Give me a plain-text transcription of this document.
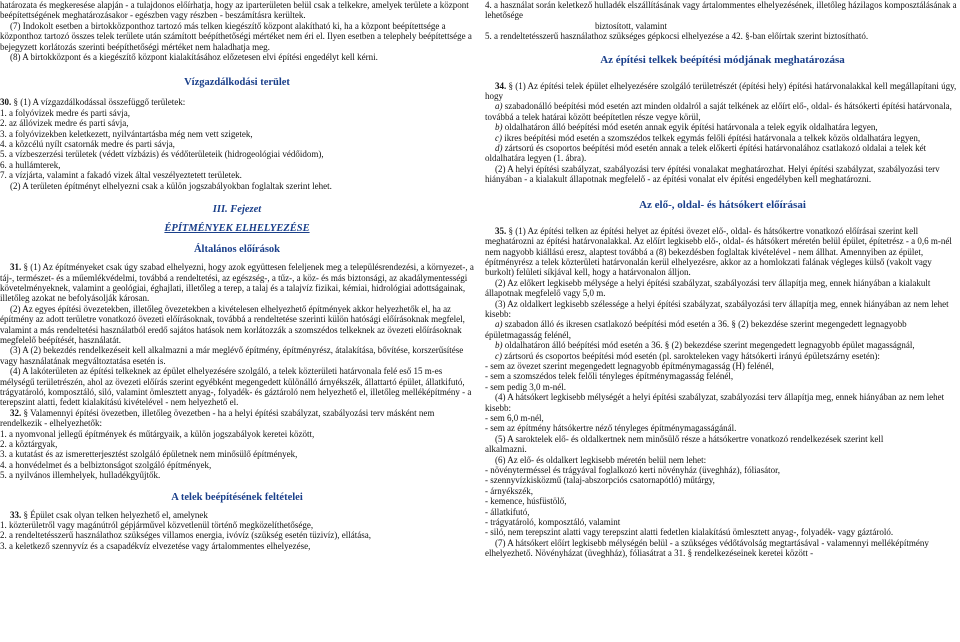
határozata és megkeresése alapján - a tulajdonos előírhatja, hogy az iparterületen belül csak a telkekre, amelyek területe a központ beépítettségének meghatározásakor - egészben vagy részben - beszámításra kerültek.

(7) Indokolt esetben a birtokközponthoz tartozó más telken kiegészítő központ alakítható ki, ha a központ beépítettsége a központhoz tartozó összes telek területe után számított beépíthetőségi mértéket nem éri el. Ilyen esetben a telephely beépítettsége a bejegyzett korlátozás szerinti beépíthetőségi mértéket nem haladhatja meg.

(8) A birtokközpont és a kiegészítő központ kialakításához előzetesen elvi építési engedélyt kell kérni.

Vízgazdálkodási terület

30. § (1) A vízgazdálkodással összefüggő területek:

1. a folyóvizek medre és parti sávja,

2. az állóvizek medre és parti sávja,

3. a folyóvizekben keletkezett, nyilvántartásba még nem vett szigetek,

4. a közcélú nyílt csatornák medre és parti sávja,

5. a vízbeszerzési területek (védett vízbázis) és védőterületeik (hidrogeológiai védőidom),

6. a hullámterek,

7. a vízjárta, valamint a fakadó vizek által veszélyeztetett területek.

(2) A területen építményt elhelyezni csak a külön jogszabályokban foglaltak szerint lehet.

III. Fejezet
ÉPÍTMÉNYEK ELHELYEZÉSE
Általános előírások

31. § (1) Az építményeket csak úgy szabad elhelyezni, hogy azok együttesen feleljenek meg a településrendezési, a környezet-, a táj-, természet- és a műemlékvédelmi, továbbá a rendeltetési, az egészség-, a tűz-, a köz- és más biztonsági, az akadálymentességi követelményeknek, valamint a geológiai, éghajlati, illetőleg a terep, a talaj és a talajvíz fizikai, kémiai, hidrológiai adottságainak, illetőleg azokat ne befolyásolják károsan.

(2) Az egyes építési övezetekben, illetőleg övezetekben a kivételesen elhelyezhető építmények akkor helyezhetők el, ha az építmény az adott területre vonatkozó övezeti előírásoknak, továbbá a rendeltetése szerinti külön hatósági előírásoknak megfelel, valamint a más rendeltetési használatból eredő sajátos hatások nem korlátozzák a szomszédos telkeknek az övezeti előírásoknak megfelelő beépítését, használatát.

(3) A (2) bekezdés rendelkezéseit kell alkalmazni a már meglévő építmény, építményrész, átalakítása, bővítése, korszerűsítése vagy használatának megváltoztatása esetén is.

(4) A lakóterületen az építési telkeknek az épület elhelyezésére szolgáló, a telek közterületi határvonala felé eső 15 m-es mélységű területrészén, ahol az övezeti előírás szerint egyébként megengedett különálló árnyékszék, állattartó épület, állatkifutó, trágyatároló, komposztáló, siló, valamint ömlesztett anyag-, folyadék- és gáztároló nem helyezhető el, illetőleg melléképítmény - a terepszint alatti, fedett kialakítású kivételével - nem helyezhető el.

32. § Valamennyi építési övezetben, illetőleg övezetben - ha a helyi építési szabályzat, szabályozási terv másként nem rendelkezik - elhelyezhetők:

1. a nyomvonal jellegű építmények és műtárgyaik, a külön jogszabályok keretei között,

2. a köztárgyak,

3. a kutatást és az ismeretterjesztést szolgáló épületnek nem minősülő építmények,

4. a honvédelmet és a belbiztonságot szolgáló építmények,

5. a nyilvános illemhelyek, hulladékgyűjtők.

A telek beépítésének feltételei

33. § Épület csak olyan telken helyezhető el, amelynek

1. közterületről vagy magánútról gépjárművel közvetlenül történő megközelíthetősége,

2. a rendeltetésszerű használathoz szükséges villamos energia, ivóvíz (szükség esetén tüzivíz), ellátása,

3. a keletkező szennyvíz és a csapadékvíz elvezetése vagy ártalommentes elhelyezése,

4. a használat során keletkező hulladék elszállításának vagy ártalommentes elhelyezésének, illetőleg házilagos komposztálásának a lehetősége

biztosított, valamint

5. a rendeltetésszerű használathoz szükséges gépkocsi elhelyezése a 42. §-ban előírtak szerint biztosítható.

Az építési telkek beépítési módjának meghatározása

34. § (1) Az építési telek épület elhelyezésére szolgáló területrészét (építési hely) építési határvonalakkal kell megállapítani úgy, hogy

a) szabadonálló beépítési mód esetén azt minden oldalról a saját telkének az előírt elő-, oldal- és hátsókerti építési határvonala, továbbá a telek határai között beépítetlen része vegye körül,

b) oldalhatáron álló beépítési mód esetén annak egyik építési határvonala a telek egyik oldalhatára legyen,

c) ikres beépítési mód esetén a szomszédos telkek egymás felőli építési határvonala a telkek közös oldalhatára legyen,

d) zártsorú és csoportos beépítési mód esetén annak a telek előkerti építési határvonalához csatlakozó oldalai a telek két oldalhatára legyen (1. ábra).

(2) A helyi építési szabályzat, szabályozási terv építési vonalakat meghatározhat. Helyi építési szabályzat, szabályozási terv hiányában - a kialakult állapotnak megfelelő - az építési vonalat elv építési engedélyben kell meghatározni.

Az elő-, oldal- és hátsókert előírásai

35. § (1) Az építési telken az építési helyet az építési övezet elő-, oldal- és hátsókertre vonatkozó előírásai szerint kell meghatározni az építési határvonalakkal. Az előírt legkisebb elő-, oldal- és hátsókert méretén belül épület, építetrész - a 0,6 m-nél nem nagyobb kiállású eresz, alaptest továbbá a (8) bekezdésben foglaltak kivételével - nem állhat. Amennyiben az épület, építményrész a telek közterületi határvonalán kerül elhelyezésre, akkor az a homlokzati falának végleges külső (vakolt vagy burkolt) felületi síkjával kell, hogy a határvonalon álljon.

(2) Az előkert legkisebb mélysége a helyi építési szabályzat, szabályozási terv állapítja meg, ennek hiányában a kialakult állapotnak megfelelő vagy 5,0 m.

(3) Az oldalkert legkisebb szélessége a helyi építési szabályzat, szabályozási terv állapítja meg, ennek hiányában az nem lehet kisebb:

a) szabadon álló és ikresen csatlakozó beépítési mód esetén a 36. § (2) bekezdése szerint megengedett legnagyobb épületmagasság felénél,

b) oldalhatáron álló beépítési mód esetén a 36. § (2) bekezdése szerint megengedett legnagyobb épület magasságnál,

c) zártsorú és csoportos beépítési mód esetén (pl. sarokteleken vagy hátsókerti irányú épületszárny esetén):

- sem az övezet szerint megengedett legnagyobb építménymagasság (H) felénél,

- sem a szomszédos telek felőli tényleges építménymagasság felénél,

- sem pedig 3,0 m-nél.

(4) A hátsókert legkisebb mélységét a helyi építési szabályzat, szabályozási terv állapítja meg, ennek hiányában az nem lehet kisebb:

- sem 6,0 m-nél,

- sem az építmény hátsókertre néző tényleges építménymagasságánál.

(5) A saroktelek elő- és oldalkertnek nem minősülő része a hátsókertre vonatkozó rendelkezések szerint kell

alkalmazni.

(6) Az elő- és oldalkert legkisebb méretén belül nem lehet:

- növényterméssel és trágyával foglalkozó kerti növényház (üveghház), fóliasátor,

- szennyvízkisközmű (talaj-abszorpciós csatornapótló) műtárgy,

- árnyékszék,

- kemence, húsfüstölő,

- állatkifutó,

- trágyatároló, komposztáló, valamint

- siló, nem terepszint alatti vagy terepszint alatti fedetlen kialakítású ömlesztett anyag-, folyadék- vagy gáztároló.

(7) A hátsókert előírt legkisebb mélységén belül - a szükséges védőtávolság megtartásával - valamennyi melléképítmény elhelyezhető. Növényházat (üveghház), fóliasátrat a 31. § rendelkezéseinek keretei között -
